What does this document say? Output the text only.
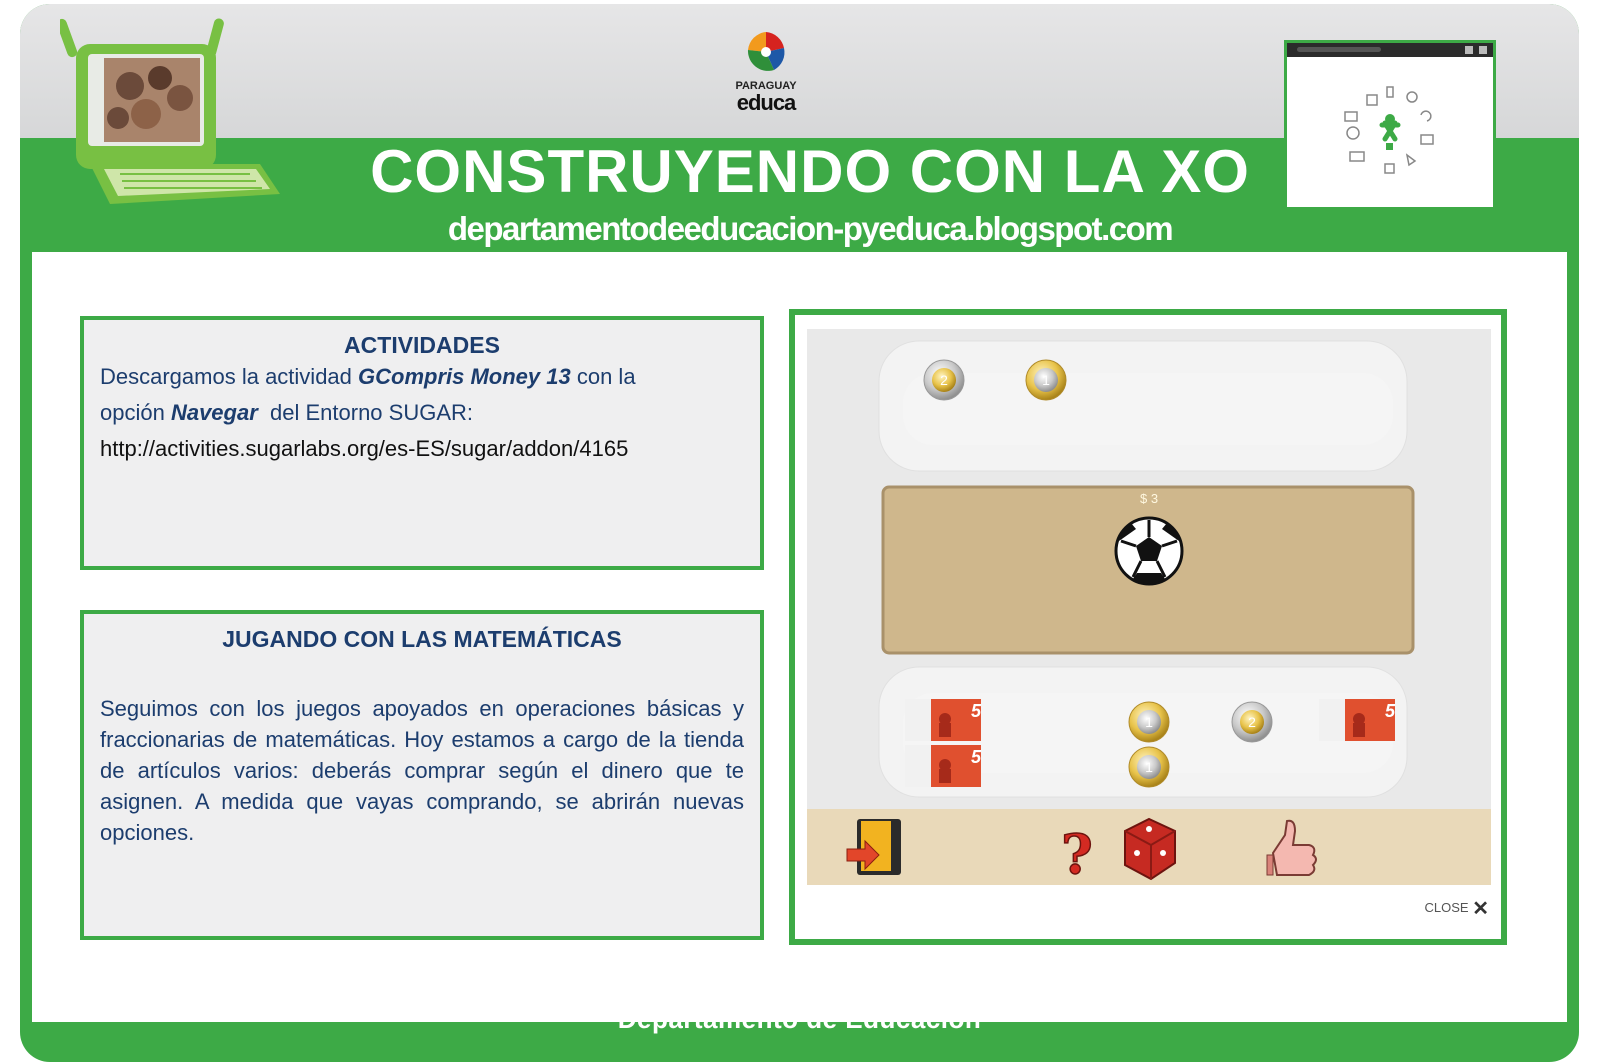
CONSTRUYENDO CON LA XO
departamentodeeducacion-pyeduca.blogspot.com
Departamento de Educación
PARAGUAY
educa
ACTIVIDADES
Descargamos la actividad GCompris Money 13 con la
opción Navegar  del Entorno SUGAR:
http://activities.sugarlabs.org/es-ES/sugar/addon/4165
JUGANDO CON LAS MATEMÁTICAS
Seguimos con los juegos apoyados en operaciones básicas y fraccionarias de matemáticas. Hoy estamos a cargo de la tienda de artículos varios: deberás comprar según el dinero que te asignen. A medida que vayas comprando, se abrirán nuevas opciones.
2	1
5
5
5
1
1
2
?
$ 3
CLOSE ✕
